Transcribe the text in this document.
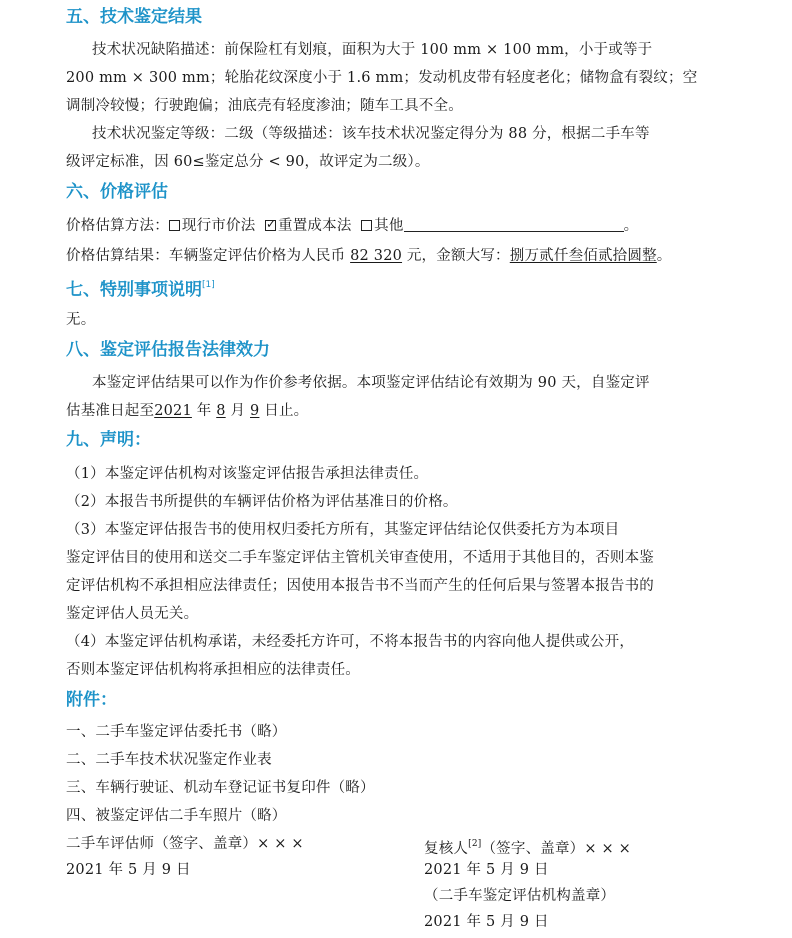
五、技术鉴定结果
技术状况缺陷描述：前保险杠有划痕，面积为大于 100 mm × 100 mm，小于或等于
200 mm × 300 mm；轮胎花纹深度小于 1.6 mm；发动机皮带有轻度老化；储物盒有裂纹；空
调制冷较慢；行驶跑偏；油底壳有轻度渗油；随车工具不全。
技术状况鉴定等级：二级（等级描述：该车技术状况鉴定得分为 88 分，根据二手车等
级评定标准，因 60≤鉴定总分 < 90，故评定为二级）。
六、价格评估
价格估算方法： 现行市价法 ✓ 重置成本法 其他	。
价格估算结果：车辆鉴定评估价格为人民币 82 320 元，金额大写：捌万贰仟叁佰贰拾圆整。
七、特别事项说明[1]
无。
八、鉴定评估报告法律效力
本鉴定评估结果可以作为作价参考依据。本项鉴定评估结论有效期为 90 天，自鉴定评
估基准日起至2021 年 8 月 9 日止。
九、声明：
（1）本鉴定评估机构对该鉴定评估报告承担法律责任。
（2）本报告书所提供的车辆评估价格为评估基准日的价格。
（3）本鉴定评估报告书的使用权归委托方所有，其鉴定评估结论仅供委托方为本项目
鉴定评估目的使用和送交二手车鉴定评估主管机关审查使用，不适用于其他目的，否则本鉴
定评估机构不承担相应法律责任；因使用本报告书不当而产生的任何后果与签署本报告书的
鉴定评估人员无关。
（4）本鉴定评估机构承诺，未经委托方许可，不将本报告书的内容向他人提供或公开，
否则本鉴定评估机构将承担相应的法律责任。
附件：
一、二手车鉴定评估委托书（略）
二、二手车技术状况鉴定作业表
三、车辆行驶证、机动车登记证书复印件（略）
四、被鉴定评估二手车照片（略）
二手车评估师（签字、盖章）× × ×
2021 年 5 月 9 日
复核人[2]（签字、盖章）× × ×
2021 年 5 月 9 日
（二手车鉴定评估机构盖章）
2021 年 5 月 9 日
